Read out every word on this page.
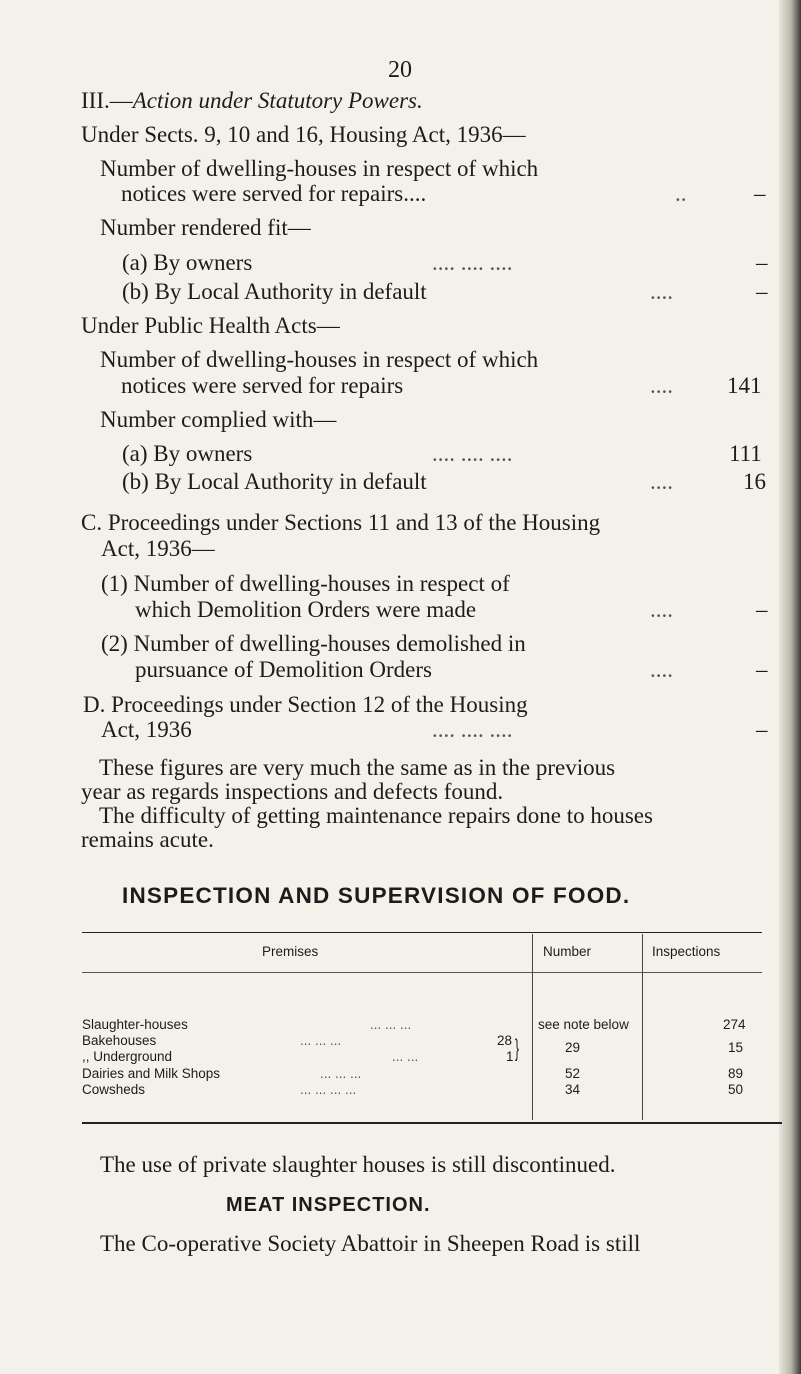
20
III.—Action under Statutory Powers.
Under Sects. 9, 10 and 16, Housing Act, 1936—
Number of dwelling-houses in respect of which
notices were served for repairs....	..	–
Number rendered fit—
(a) By owners	.... .... ....	–
(b) By Local Authority in default	....	–
Under Public Health Acts—
Number of dwelling-houses in respect of which
notices were served for repairs	.... 141
Number complied with—
(a) By owners	.... .... ....	111
(b) By Local Authority in default	....	16
C. Proceedings under Sections 11 and 13 of the Housing
Act, 1936—
(1) Number of dwelling-houses in respect of
which Demolition Orders were made	....	–
(2) Number of dwelling-houses demolished in
pursuance of Demolition Orders	....	–
D. Proceedings under Section 12 of the Housing
Act, 1936	.... .... ....	–
These figures are very much the same as in the previous
year as regards inspections and defects found.
The difficulty of getting maintenance repairs done to houses
remains acute.
INSPECTION AND SUPERVISION OF FOOD.
Premises	Number	Inspections
Slaughter-houses	... ... ...	see note below	274
Bakehouses	... ... ...	28	29	15
,, Underground	... ...	1 }
Dairies and Milk Shops	... ... ...	52	89
Cowsheds	... ... ... ...	34	50
The use of private slaughter houses is still discontinued.
MEAT INSPECTION.
The Co-operative Society Abattoir in Sheepen Road is still
